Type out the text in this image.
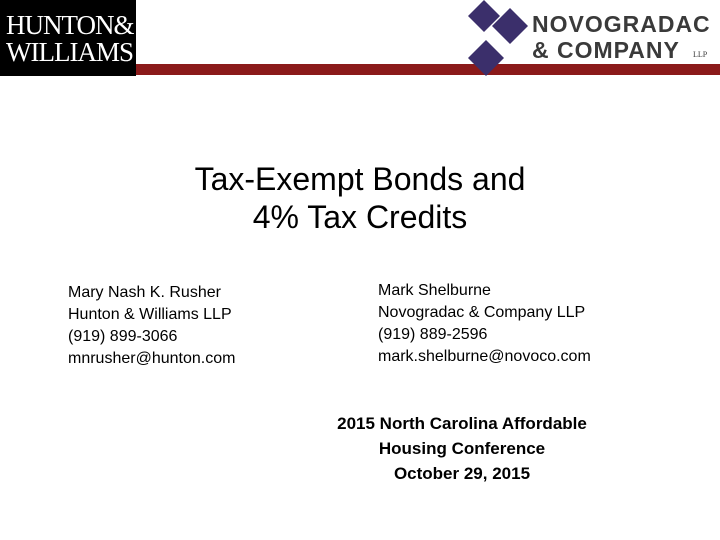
HUNTON&
WILLIAMS
NOVOGRADAC
& COMPANY LLP
Tax-Exempt Bonds and
4% Tax Credits
Mary Nash K. Rusher
Hunton & Williams LLP
(919) 899-3066
mnrusher@hunton.com
Mark Shelburne
Novogradac & Company LLP
(919) 889-2596
mark.shelburne@novoco.com
2015 North Carolina Affordable
Housing Conference
October 29, 2015
